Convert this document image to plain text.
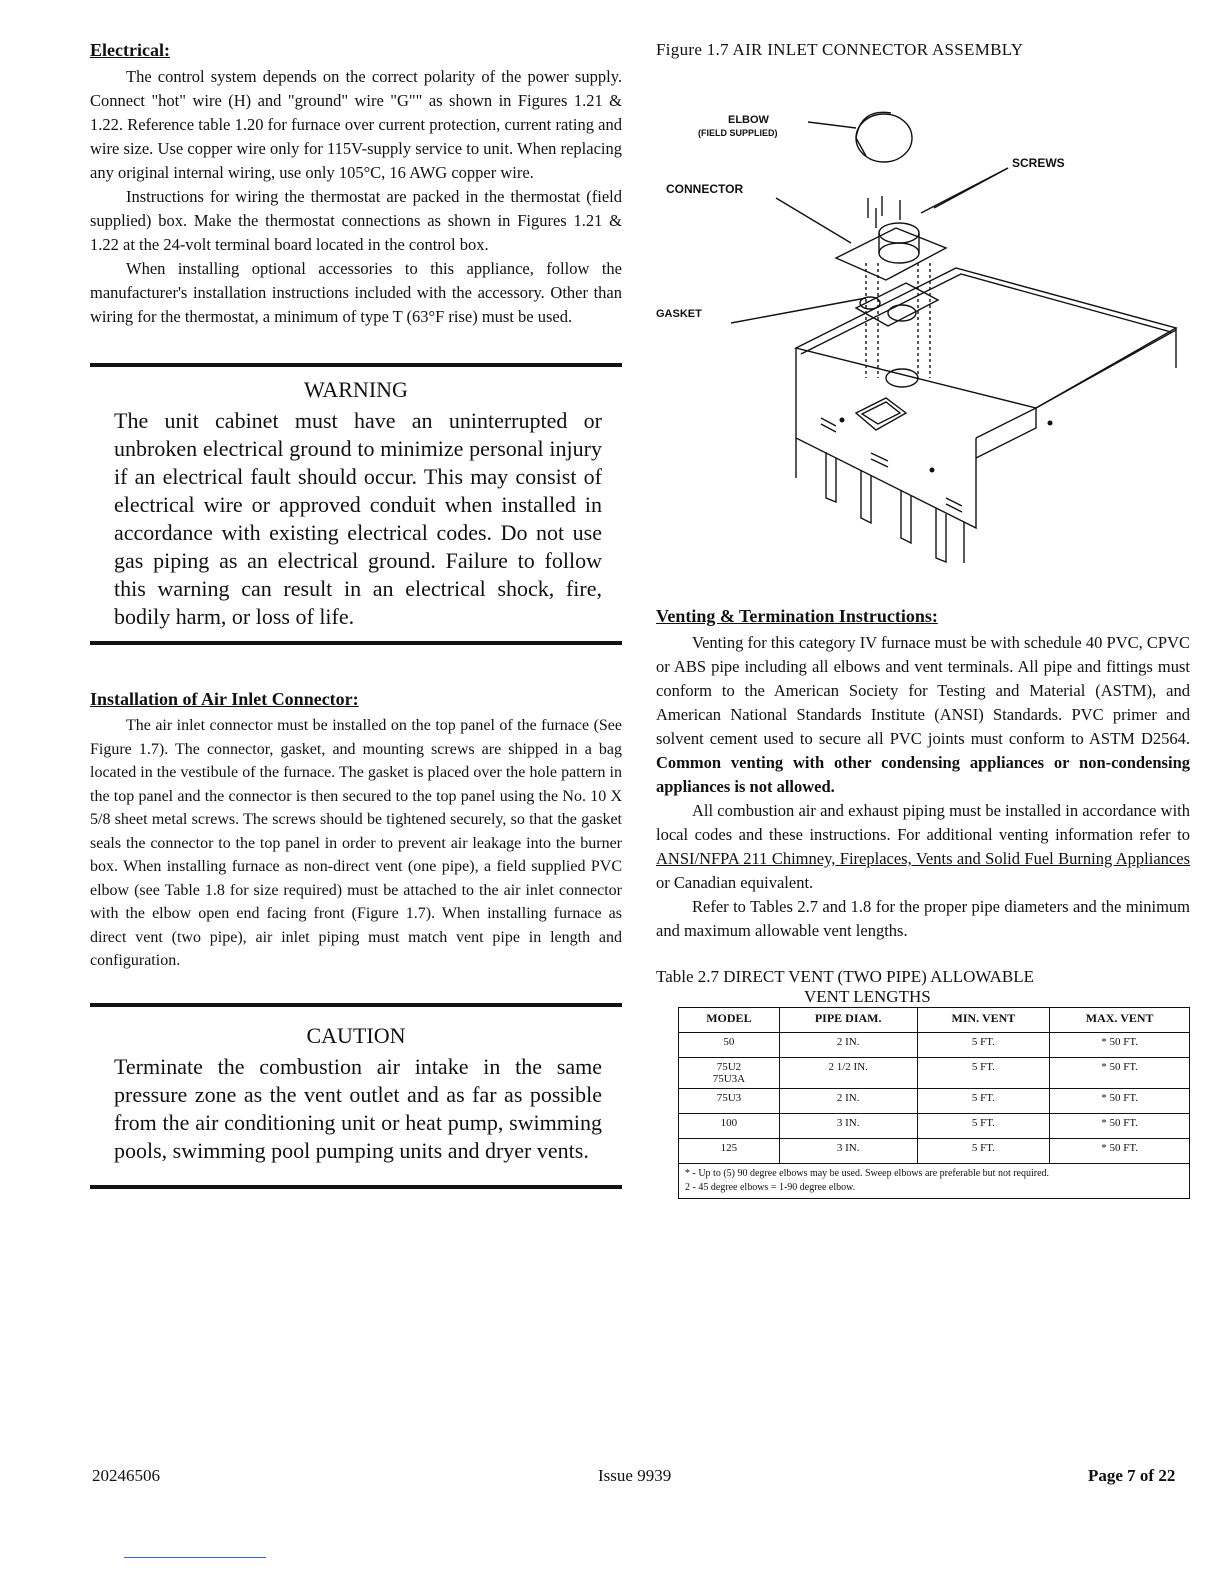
Electrical:

The control system depends on the correct polarity of the power supply. Connect "hot" wire (H) and "ground" wire "G"" as shown in Figures 1.21 & 1.22. Reference table 1.20 for furnace over current protection, current rating and wire size. Use copper wire only for 115V-supply service to unit. When replacing any original internal wiring, use only 105°C, 16 AWG copper wire.

Instructions for wiring the thermostat are packed in the thermostat (field supplied) box. Make the thermostat connections as shown in Figures 1.21 & 1.22 at the 24-volt terminal board located in the control box.

When installing optional accessories to this appliance, follow the manufacturer's installation instructions included with the accessory. Other than wiring for the thermostat, a minimum of type T (63°F rise) must be used.

WARNING
The unit cabinet must have an uninterrupted or unbroken electrical ground to minimize personal injury if an electrical fault should occur. This may consist of electrical wire or approved conduit when installed in accordance with existing electrical codes. Do not use gas piping as an electrical ground. Failure to follow this warning can result in an electrical shock, fire, bodily harm, or loss of life.
Installation of Air Inlet Connector:

The air inlet connector must be installed on the top panel of the furnace (See Figure 1.7). The connector, gasket, and mounting screws are shipped in a bag located in the vestibule of the furnace. The gasket is placed over the hole pattern in the top panel and the connector is then secured to the top panel using the No. 10 X 5/8 sheet metal screws. The screws should be tightened securely, so that the gasket seals the connector to the top panel in order to prevent air leakage into the burner box. When installing furnace as non-direct vent (one pipe), a field supplied PVC elbow (see Table 1.8 for size required) must be attached to the air inlet connector with the elbow open end facing front (Figure 1.7). When installing furnace as direct vent (two pipe), air inlet piping must match vent pipe in length and configuration.

CAUTION
Terminate the combustion air intake in the same pressure zone as the vent outlet and as far as possible from the air conditioning unit or heat pump, swimming pools, swimming pool pumping units and dryer vents.
Figure 1.7 AIR INLET CONNECTOR ASSEMBLY
ELBOW
(FIELD SUPPLIED)
SCREWS
CONNECTOR
GASKET
Venting & Termination Instructions:

Venting for this category IV furnace must be with schedule 40 PVC, CPVC or ABS pipe including all elbows and vent terminals. All pipe and fittings must conform to the American Society for Testing and Material (ASTM), and American National Standards Institute (ANSI) Standards. PVC primer and solvent cement used to secure all PVC joints must conform to ASTM D2564. Common venting with other condensing appliances or non-condensing appliances is not allowed.

All combustion air and exhaust piping must be installed in accordance with local codes and these instructions. For additional venting information refer to ANSI/NFPA 211 Chimney, Fireplaces, Vents and Solid Fuel Burning Appliances or Canadian equivalent.

Refer to Tables 2.7 and 1.8 for the proper pipe diameters and the minimum and maximum allowable vent lengths.

Table 2.7 DIRECT VENT (TWO PIPE) ALLOWABLE
VENT LENGTHS
MODEL	PIPE DIAM.	MIN. VENT	MAX. VENT
50	2 IN.	5 FT.	* 50 FT.
75U2
75U3A	2 1/2 IN.	5 FT.	* 50 FT.
75U3	2 IN.	5 FT.	* 50 FT.
100	3 IN.	5 FT.	* 50 FT.
125	3 IN.	5 FT.	* 50 FT.

* - Up to (5) 90 degree elbows may be used. Sweep elbows are preferable but not required.
2 - 45 degree elbows = 1-90 degree elbow.			
20246506	Issue 9939	Page 7 of 22
